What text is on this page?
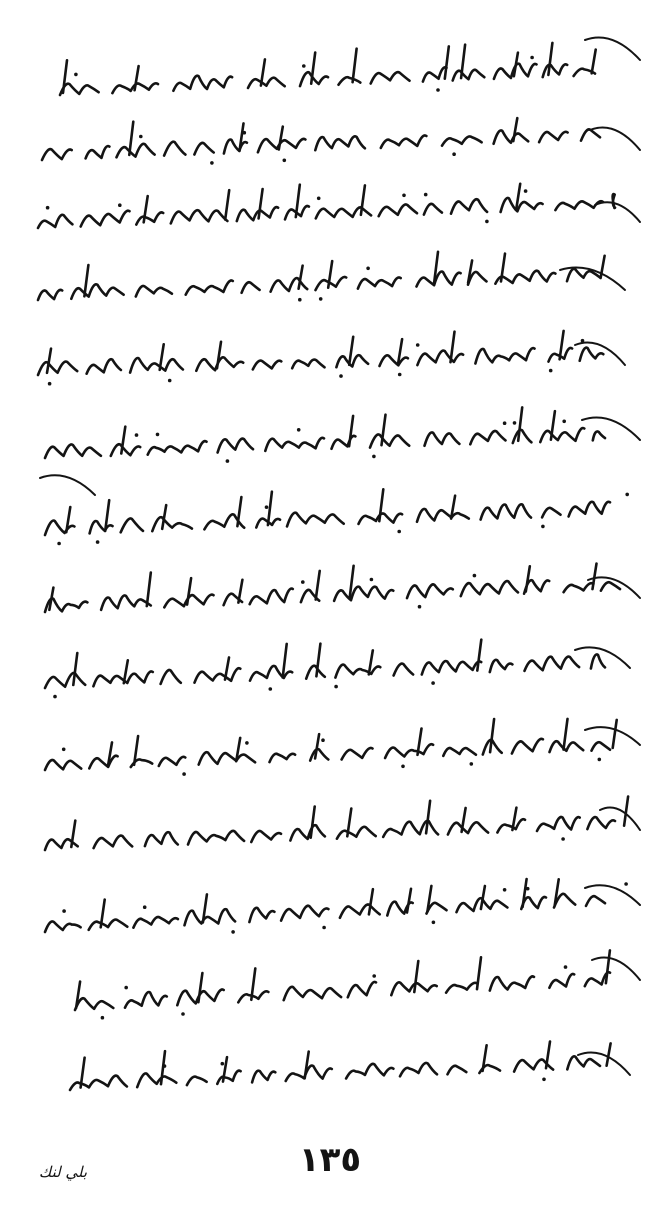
١٣٥
بلي لنك
